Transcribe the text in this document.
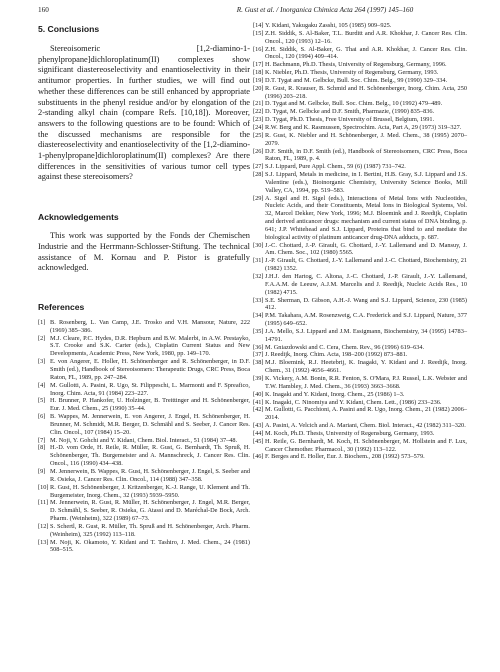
160	R. Gust et al. / Inorganica Chimica Acta 264 (1997) 145–160
5. Conclusions

Stereoisomeric [1,2-diamino-1-phenylpropane]dichloroplatinum(II) complexes show significant diastereoselectivity and enantioselectivity in their antitumor properties. In further studies, we will find out whether these differences can be still enhanced by appropriate substituents in the phenyl residue and/or by elongation of the 2-standing alkyl chain (compare Refs. [10,18]). Moreover, answers to the following questions are to be found: Which of the discussed mechanisms are responsible for the diastereoselectivity and enantioselectivity of the [1,2-diamino-1-phenylpropane]dichloroplatinum(II) complexes? Are there differences in the sensitivities of various tumor cell types against these stereoisomers?

Acknowledgements

This work was supported by the Fonds der Chemischen Industrie and the Herrmann-Schlosser-Stiftung. The technical assistance of M. Kornau and P. Pistor is gratefully acknowledged.

References

[1] B. Rosenberg, L. Van Camp, J.E. Trosko and V.H. Mansour, Nature, 222 (1969) 385–386.

[2] M.J. Cleare, P.C. Hydes, D.R. Hepburn and B.W. Malerbi, in A.W. Prestayko, S.T. Crooke and S.K. Carter (eds.), Cisplatin Current Status and New Developments, Academic Press, New York, 1980, pp. 149–170.

[3] E. von Angerer, E. Holler, H. Schönenberger and R. Schönenberger, in D.F. Smith (ed.), Handbook of Stereoisomers: Therapeutic Drugs, CRC Press, Boca Raton, FL, 1989, pp. 247–284.

[4] M. Gullotti, A. Pasini, R. Ugo, St. Filippeschi, L. Marmonti and F. Spreafico, Inorg. Chim. Acta, 91 (1984) 223–227.

[5] H. Brunner, P. Hankofer, U. Holzinger, B. Treittinger and H. Schönenberger, Eur. J. Med. Chem., 25 (1990) 35–44.

[6] B. Wappes, M. Jennerwein, E. von Angerer, J. Engel, H. Schönenberger, H. Brunner, M. Schmidt, M.R. Berger, D. Schmähl and S. Seeber, J. Cancer Res. Clin. Oncol., 107 (1984) 15–20.

[7] M. Noji, Y. Gohchi and Y. Kidani, Chem. Biol. Interact., 51 (1984) 37–48.

[8] H.-D. vom Orde, H. Reile, R. Müller, R. Gust, G. Bernhardt, Th. Spruß, H. Schönenberger, Th. Burgemeister and A. Mannschreck, J. Cancer Res. Clin. Oncol., 116 (1990) 434–438.

[9] M. Jennerwein, B. Wappes, R. Gust, H. Schönenberger, J. Engel, S. Seeber and R. Osieka, J. Cancer Res. Clin. Oncol., 114 (1988) 347–358.

[10] R. Gust, H. Schönenberger, J. Kritzenberger, K.-J. Range, U. Klement and Th. Burgemeister, Inorg. Chem., 32 (1993) 5939–5950.

[11] M. Jennerwein, R. Gust, R. Müller, H. Schönenberger, J. Engel, M.R. Berger, D. Schmähl, S. Seeber, R. Osieka, G. Atassi and D. Maréchal-De Bock, Arch. Pharm. (Weinheim), 322 (1989) 67–73.

[12] S. Schertl, R. Gust, R. Müller, Th. Spruß and H. Schönenberger, Arch. Pharm. (Weinheim), 325 (1992) 113–118.

[13] M. Noji, K. Okamoto, Y. Kidani and T. Tashiro, J. Med. Chem., 24 (1981) 508–515.

[14] Y. Kidani, Yakugaku Zasshi, 105 (1985) 909–925.

[15] Z.H. Siddik, S. Al-Baker, T.L. Burditt and A.R. Khokhar, J. Cancer Res. Clin. Oncol., 120 (1993) 12–16.

[16] Z.H. Siddik, S. Al-Baker, G. Thai and A.R. Khokhar, J. Cancer Res. Clin. Oncol., 120 (1994) 409–414.

[17] H. Bachmann, Ph.D. Thesis, University of Regensburg, Germany, 1996.

[18] K. Niebler, Ph.D. Thesis, University of Regensburg, Germany, 1993.

[19] D.T. Tygat and M. Gelbcke, Bull. Soc. Chim. Belg., 99 (1990) 329–334.

[20] R. Gust, R. Krauser, B. Schmid and H. Schönenberger, Inorg. Chim. Acta, 250 (1996) 203–218.

[21] D. Tygat and M. Gelbcke, Bull. Soc. Chim. Belg., 10 (1992) 479–489.

[22] D. Tygat, M. Gelbcke and D.F. Smith, Pharmazie, (1990) 835–836.

[23] D. Tygat, Ph.D. Thesis, Free University of Brussel, Belgium, 1991.

[24] R.W. Berg and K. Rasmussen, Spectrochim. Acta, Part A, 29 (1973) 319–327.

[25] R. Gust, K. Niebler and H. Schönenberger, J. Med. Chem., 38 (1995) 2070–2079.

[26] D.F. Smith, in D.F. Smith (ed.), Handbook of Stereoisomers, CRC Press, Boca Raton, FL, 1989, p. 4.

[27] S.J. Lippard, Pure Appl. Chem., 59 (6) (1987) 731–742.

[28] S.J. Lippard, Metals in medicine, in I. Bertini, H.B. Gray, S.J. Lippard and J.S. Valentine (eds.), Bioinorganic Chemistry, University Science Books, Mill Valley, CA, 1994, pp. 519–583.

[29] A. Sigel and H. Sigel (eds.), Interactions of Metal Ions with Nucleotides, Nucleic Acids, and their Constituents, Metal Ions in Biological Systems, Vol. 32, Marcel Dekker, New York, 1996; M.J. Bloemink and J. Reedijk, Cisplatin and derived anticancer drugs: mechanism and current status of DNA binding, p. 641; J.P. Whitehead and S.J. Lippard, Proteins that bind to and mediate the biological activity of platinum anticancer drug-DNA adducts, p. 687.

[30] J.-C. Chottard, J.-P. Girault, G. Chottard, J.-Y. Lallemand and D. Mansuy, J. Am. Chem. Soc., 102 (1980) 5565.

[31] J.-P. Girault, G. Chottard, J.-Y. Lallemand and J.-C. Chottard, Biochemistry, 21 (1982) 1352.

[32] J.H.J. den Hartog, C. Altona, J.-C. Chottard, J.-P. Girault, J.-Y. Lallemand, F.A.A.M. de Leeuw, A.J.M. Marcelis and J. Reedijk, Nucleic Acids Res., 10 (1982) 4715.

[33] S.E. Sherman, D. Gibson, A.H.-J. Wang and S.J. Lippard, Science, 230 (1985) 412.

[34] P.M. Takahara, A.M. Rosenzweig, C.A. Frederick and S.J. Lippard, Nature, 377 (1995) 649–652.

[35] J.A. Mello, S.J. Lippard and J.M. Essigmann, Biochemistry, 34 (1995) 14783–14791.

[36] M. Gniazdowski and C. Cera, Chem. Rev., 96 (1996) 619–634.

[37] J. Reedijk, Inorg. Chim. Acta, 198–200 (1992) 873–881.

[38] M.J. Bloemink, R.J. Heetebrij, K. Inagaki, Y. Kidani and J. Reedijk, Inorg. Chem., 31 (1992) 4656–4661.

[39] K. Vickery, A.M. Bonin, R.R. Fenton, S. O'Mara, P.J. Russel, L.K. Webster and T.W. Hambley, J. Med. Chem., 36 (1993) 3663–3668.

[40] K. Inagaki and Y. Kidani, Inorg. Chem., 25 (1986) 1–3.

[41] K. Inagaki, C. Ninomiya and Y. Kidani, Chem. Lett., (1986) 233–236.

[42] M. Gullotti, G. Pacchioni, A. Pasini and R. Ugo, Inorg. Chem., 21 (1982) 2006–2014.

[43] A. Pasini, A. Velcich and A. Mariani, Chem. Biol. Interact., 42 (1982) 311–320.

[44] M. Koch, Ph.D. Thesis, University of Regensburg, Germany, 1993.

[45] H. Reile, G. Bernhardt, M. Koch, H. Schönenberger, M. Hollstein and F. Lux, Cancer Chemother. Pharmacol., 30 (1992) 113–122.

[46] F. Berges and E. Holler, Eur. J. Biochem., 208 (1992) 573–579.
